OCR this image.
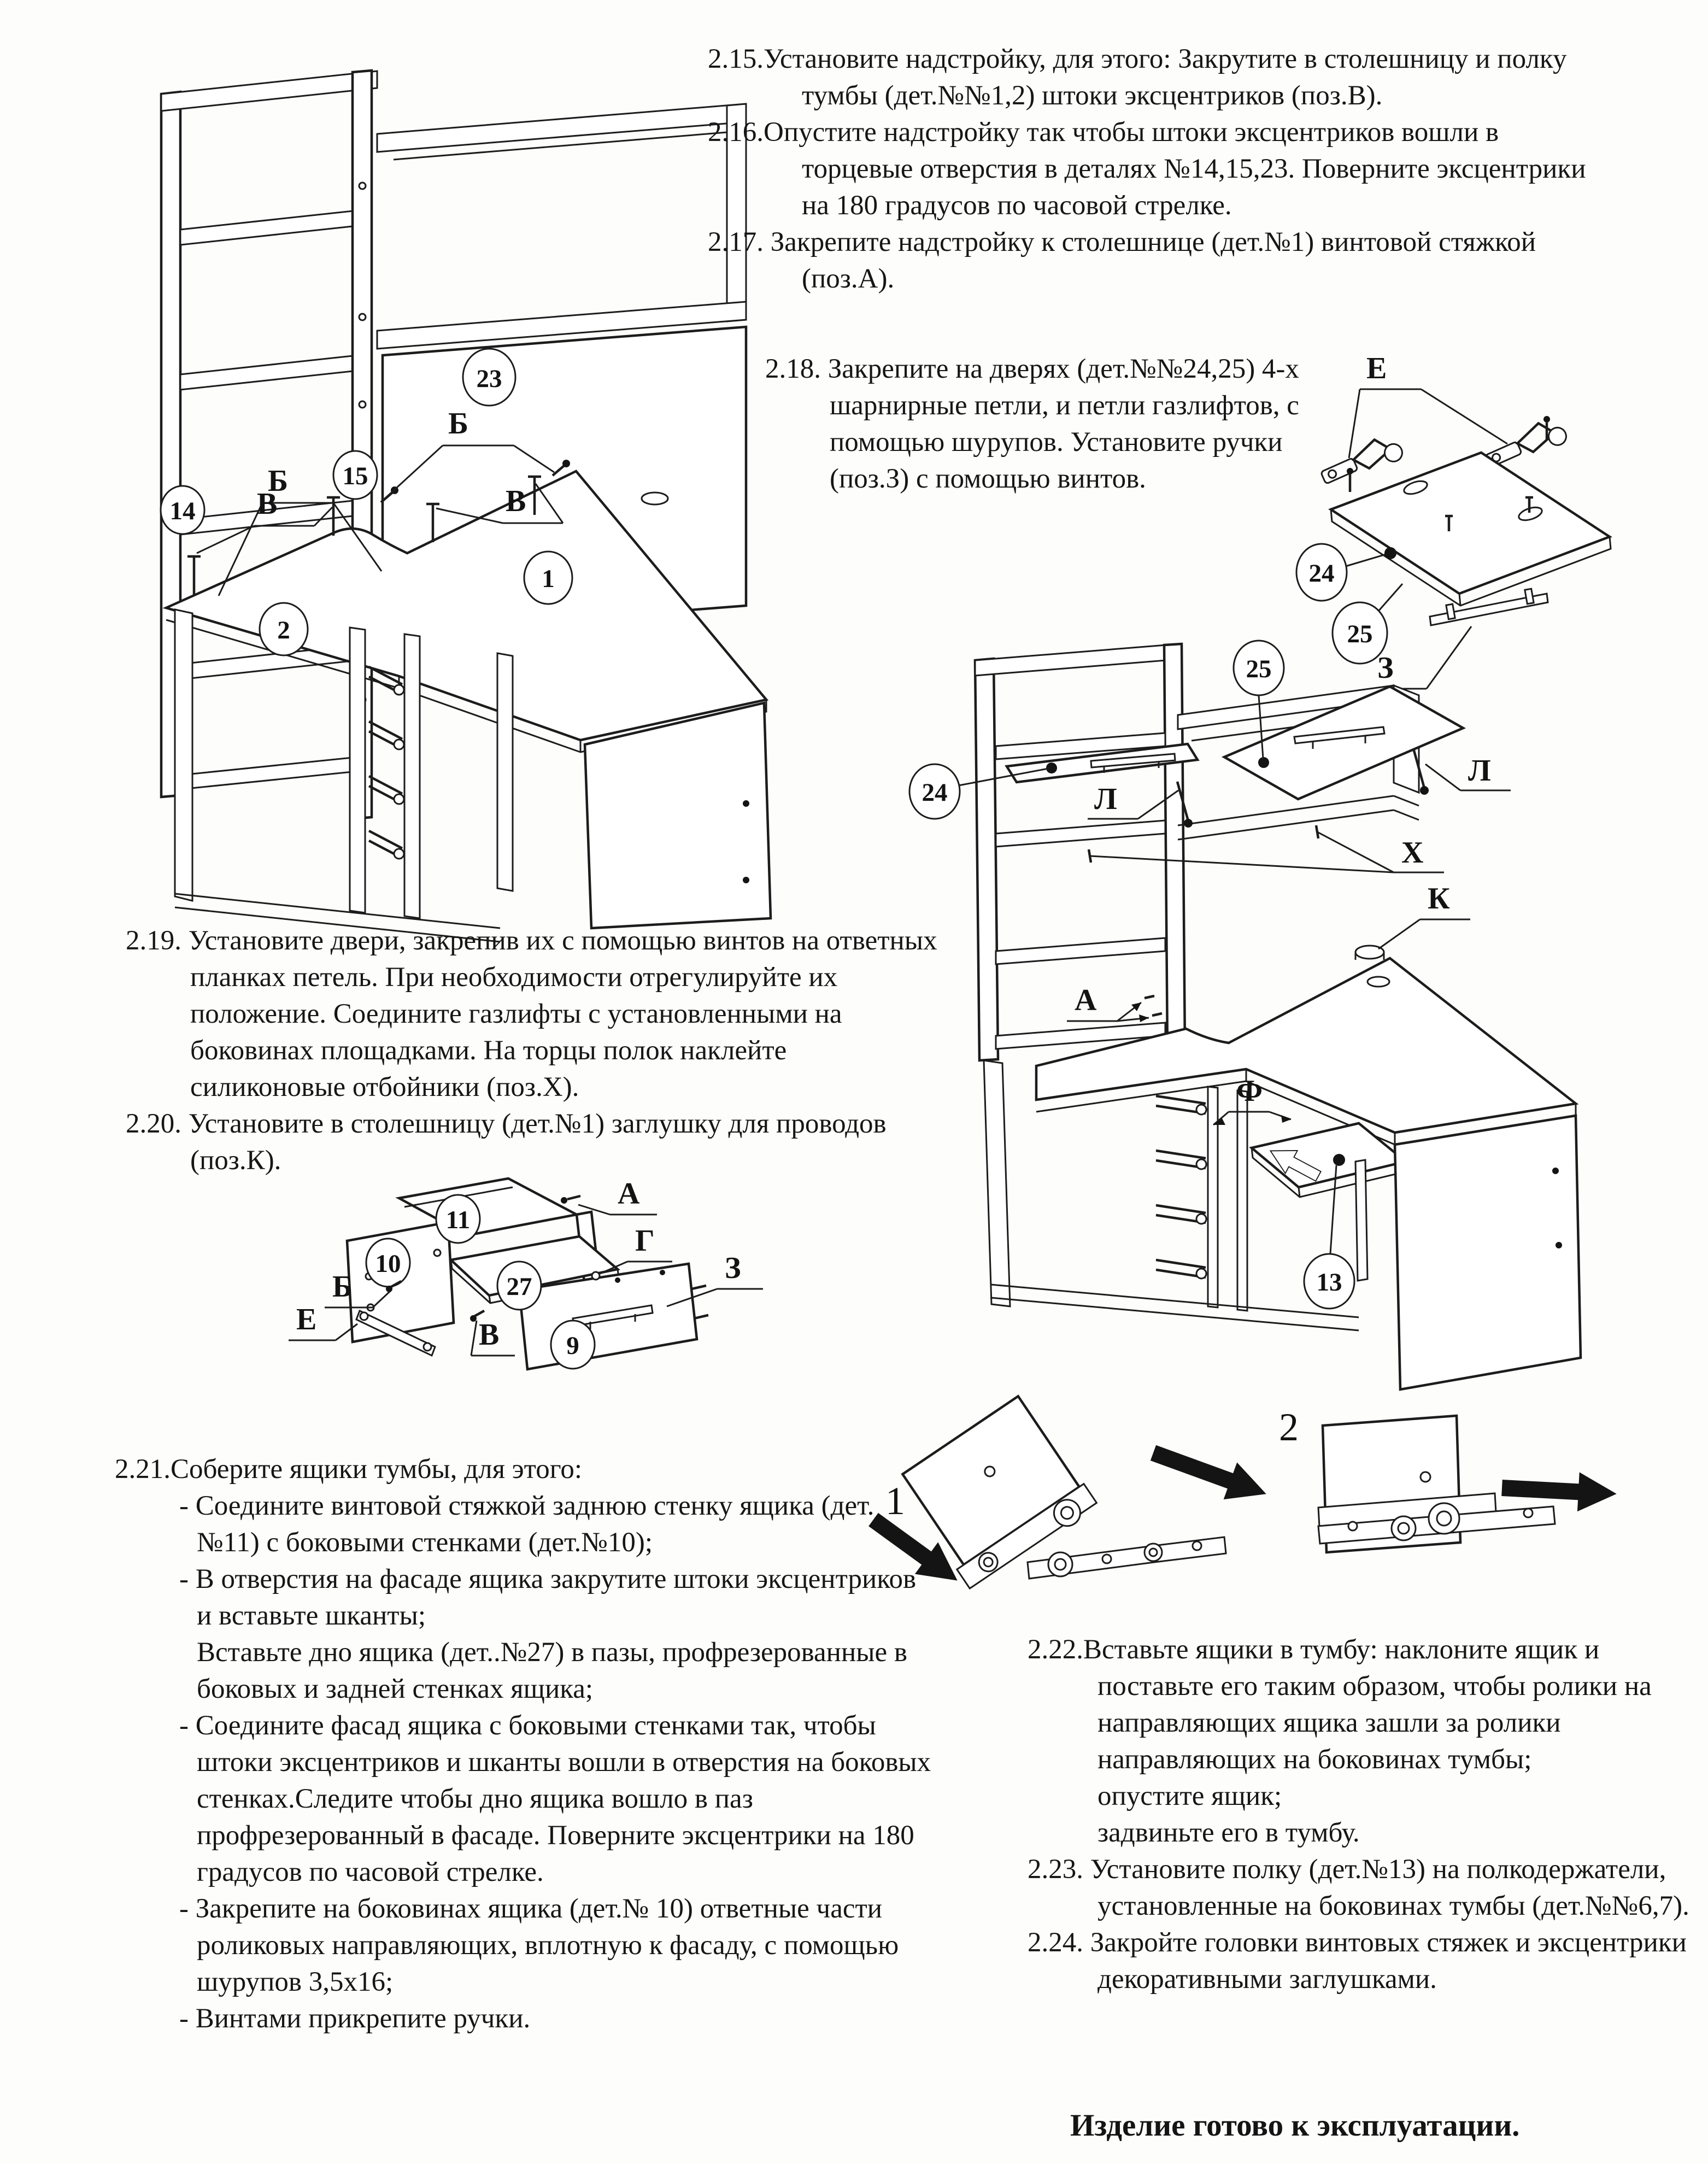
14
15
23
2
1
Б
Б
В	В

2.15.Установите надстройку, для этого: Закрутите в столешницу и полку тумбы (дет.№№1,2) штоки эксцентриков (поз.В).

2.16.Опустите надстройку так чтобы штоки эксцентриков вошли в торцевые отверстия в деталях №14,15,23. Поверните эксцентрики на 180 градусов по часовой стрелке.

2.17. Закрепите надстройку к столешнице (дет.№1) винтовой стяжкой (поз.А).

2.18. Закрепите на дверях (дет.№№24,25) 4-х шарнирные петли, и петли газлифтов, с помощью шурупов. Установите ручки (поз.З) с помощью винтов.

Е
24
25
З
25
24	Л
Л
Х
К
А
Ф
13

2.19. Установите двери, закрепив их с помощью винтов на ответных планках петель. При необходимости отрегулируйте их положение. Соедините газлифты с установленными на боковинах площадками. На торцы полок наклейте силиконовые отбойники (поз.Х).

2.20. Установите в столешницу (дет.№1) заглушку для проводов (поз.К).

11
10
27
9
А
Г
Б
Е	В
З

2.21.Соберите ящики тумбы, для этого:

- Соедините винтовой стяжкой заднюю стенку ящика (дет.№11) с боковыми стенками (дет.№10);

- В отверстия на фасаде ящика закрутите штоки эксцентриков и вставьте шканты;

Вставьте дно ящика (дет..№27) в пазы, профрезерованные в боковых и задней стенках ящика;

- Соедините фасад ящика с боковыми стенками так, чтобы штоки эксцентриков и шканты вошли в отверстия на боковых стенках.Следите чтобы дно ящика вошло в паз профрезерованный в фасаде. Поверните эксцентрики на 180 градусов по часовой стрелке.

- Закрепите на боковинах ящика (дет.№ 10) ответные части роликовых направляющих, вплотную к фасаду, с помощью шурупов 3,5х16;

- Винтами прикрепите ручки.

1
2

2.22.Вставьте ящики в тумбу: наклоните ящик и поставьте его таким образом, чтобы ролики на направляющих ящика зашли за ролики направляющих на боковинах тумбы;

опустите ящик;

задвиньте его в тумбу.

2.23. Установите полку (дет.№13) на полкодержатели, установленные на боковинах тумбы (дет.№№6,7).

2.24. Закройте головки винтовых стяжек и эксцентрики декоративными заглушками.

Изделие готово к эксплуатации.
